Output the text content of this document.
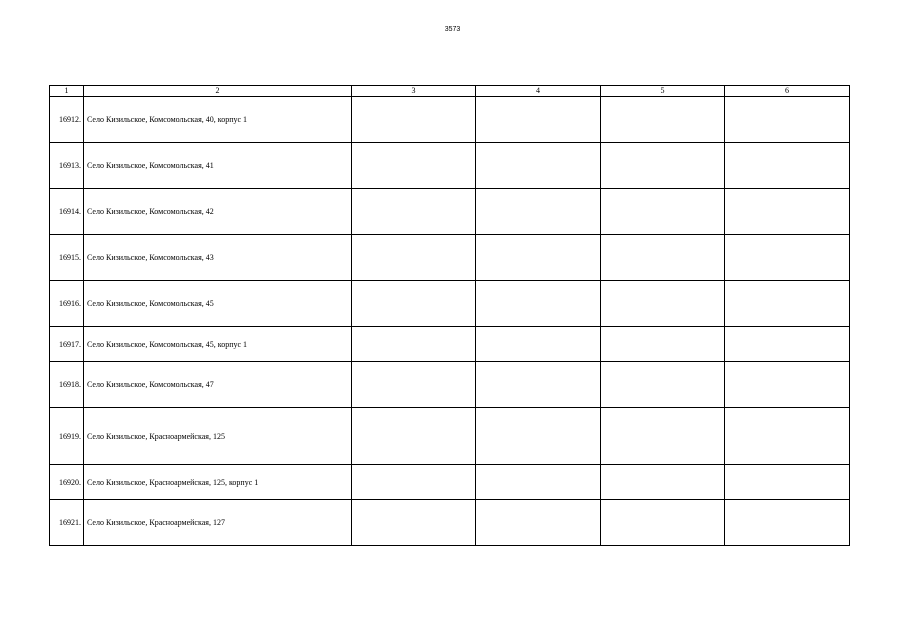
3573
1	2	3	4	5	6
16912.	Село Кизильское, Комсомольская, 40, корпус 1				
16913.	Село Кизильское, Комсомольская, 41				
16914.	Село Кизильское, Комсомольская, 42				
16915.	Село Кизильское, Комсомольская, 43				
16916.	Село Кизильское, Комсомольская, 45				
16917.	Село Кизильское, Комсомольская, 45, корпус 1				
16918.	Село Кизильское, Комсомольская, 47				
16919.	Село Кизильское, Красноармейская, 125				
16920.	Село Кизильское, Красноармейская, 125, корпус 1				
16921.	Село Кизильское, Красноармейская, 127				
